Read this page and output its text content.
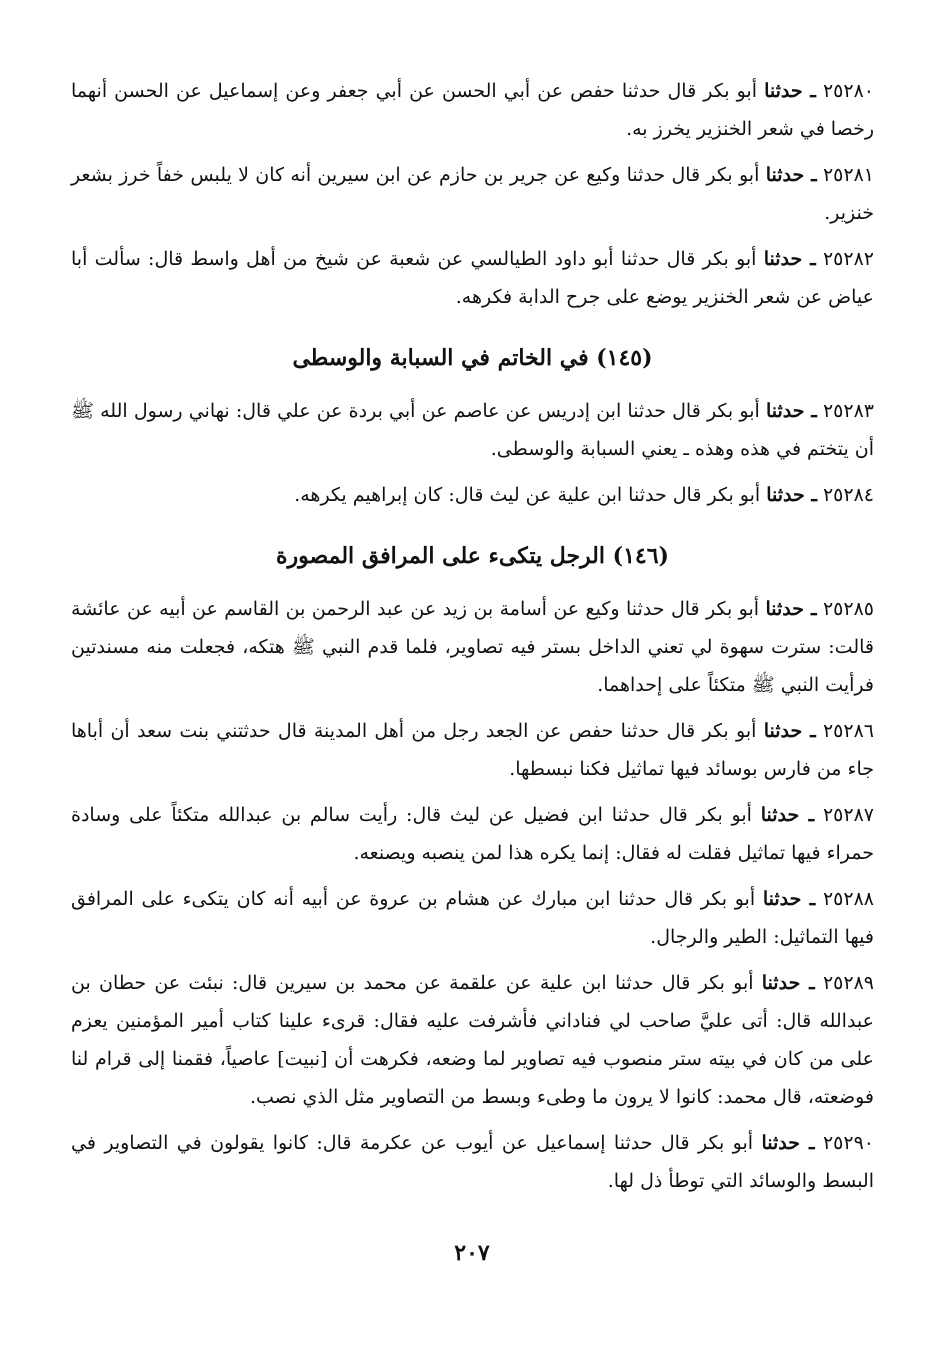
٢٥٢٨٠ ـ حدثنا أبو بكر قال حدثنا حفص عن أبي الحسن عن أبي جعفر وعن إسماعيل عن الحسن أنهما رخصا في شعر الخنزير يخرز به.

٢٥٢٨١ ـ حدثنا أبو بكر قال حدثنا وكيع عن جرير بن حازم عن ابن سيرين أنه كان لا يلبس خفاً خرز بشعر خنزير.

٢٥٢٨٢ ـ حدثنا أبو بكر قال حدثنا أبو داود الطيالسي عن شعبة عن شيخ من أهل واسط قال: سألت أبا عياض عن شعر الخنزير يوضع على جرح الدابة فكرهه.

(١٤٥) في الخاتم في السبابة والوسطى

٢٥٢٨٣ ـ حدثنا أبو بكر قال حدثنا ابن إدريس عن عاصم عن أبي بردة عن علي قال: نهاني رسول الله ﷺ أن يتختم في هذه وهذه ـ يعني السبابة والوسطى.

٢٥٢٨٤ ـ حدثنا أبو بكر قال حدثنا ابن علية عن ليث قال: كان إبراهيم يكرهه.

(١٤٦) الرجل يتكىء على المرافق المصورة

٢٥٢٨٥ ـ حدثنا أبو بكر قال حدثنا وكيع عن أسامة بن زيد عن عبد الرحمن بن القاسم عن أبيه عن عائشة قالت: سترت سهوة لي تعني الداخل بستر فيه تصاوير، فلما قدم النبي ﷺ هتكه، فجعلت منه مسندتين فرأيت النبي ﷺ متكئاً على إحداهما.

٢٥٢٨٦ ـ حدثنا أبو بكر قال حدثنا حفص عن الجعد رجل من أهل المدينة قال حدثتني بنت سعد أن أباها جاء من فارس بوسائد فيها تماثيل فكنا نبسطها.

٢٥٢٨٧ ـ حدثنا أبو بكر قال حدثنا ابن فضيل عن ليث قال: رأيت سالم بن عبدالله متكئاً على وسادة حمراء فيها تماثيل فقلت له فقال: إنما يكره هذا لمن ينصبه ويصنعه.

٢٥٢٨٨ ـ حدثنا أبو بكر قال حدثنا ابن مبارك عن هشام بن عروة عن أبيه أنه كان يتكىء على المرافق فيها التماثيل: الطير والرجال.

٢٥٢٨٩ ـ حدثنا أبو بكر قال حدثنا ابن علية عن علقمة عن محمد بن سيرين قال: نبئت عن حطان بن عبدالله قال: أتى عليَّ صاحب لي فناداني فأشرفت عليه فقال: قرىء علينا كتاب أمير المؤمنين يعزم على من كان في بيته ستر منصوب فيه تصاوير لما وضعه، فكرهت أن [نبيت] عاصياً، فقمنا إلى قرام لنا فوضعته، قال محمد: كانوا لا يرون ما وطىء وبسط من التصاوير مثل الذي نصب.

٢٥٢٩٠ ـ حدثنا أبو بكر قال حدثنا إسماعيل عن أيوب عن عكرمة قال: كانوا يقولون في التصاوير في البسط والوسائد التي توطأ ذل لها.

٢٠٧
